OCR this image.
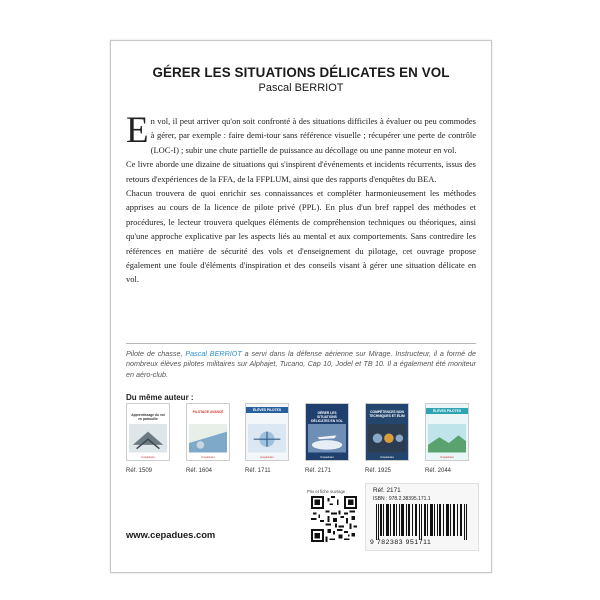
GÉRER LES SITUATIONS DÉLICATES EN VOL
Pascal BERRIOT

En vol, il peut arriver qu'on soit confronté à des situations difficiles à évaluer ou peu commodes à gérer, par exemple : faire demi-tour sans référence visuelle ; récupérer une perte de contrôle (LOC-I) ; subir une chute partielle de puissance au décollage ou une panne moteur en vol.

Ce livre aborde une dizaine de situations qui s'inspirent d'événements et incidents récurrents, issus des retours d'expériences de la FFA, de la FFPLUM, ainsi que des rapports d'enquêtes du BEA.

Chacun trouvera de quoi enrichir ses connaissances et compléter harmonieusement les méthodes apprises au cours de la licence de pilote privé (PPL). En plus d'un bref rappel des méthodes et procédures, le lecteur trouvera quelques éléments de compréhension techniques ou théoriques, ainsi qu'une approche explicative par les aspects liés au mental et aux comportements. Sans contredire les références en matière de sécurité des vols et d'enseignement du pilotage, cet ouvrage propose également une foule d'éléments d'inspiration et des conseils visant à gérer une situation délicate en vol.

Pilote de chasse, Pascal BERRIOT a servi dans la défense aérienne sur Mirage. Instructeur, il a formé de nombreux élèves pilotes militaires sur Alphajet, Tucano, Cap 10, Jodel et TB 10. Il a également été moniteur en aéro-club.
Du même auteur :
Apprentissage du vol en patrouille
Cépaduès
Réf. 1509
PILOTAGE AVANCÉ
Cépaduès
Réf. 1604
ÉLÈVES PILOTES
Cépaduès
Réf. 1711
GÉRER LES SITUATIONS DÉLICATES EN VOL
Cépaduès
Réf. 2171
COMPÉTENCES NON TECHNIQUES ET ÉLIM
Cépaduès
Réf. 1925
ÉLÈVES PILOTES
Cépaduès
Réf. 2044
Prix et fiche ouvrage :
www.cepadues.com
Réf. 2171
ISBN : 978.2.38395.171.1
9 782383 951711
